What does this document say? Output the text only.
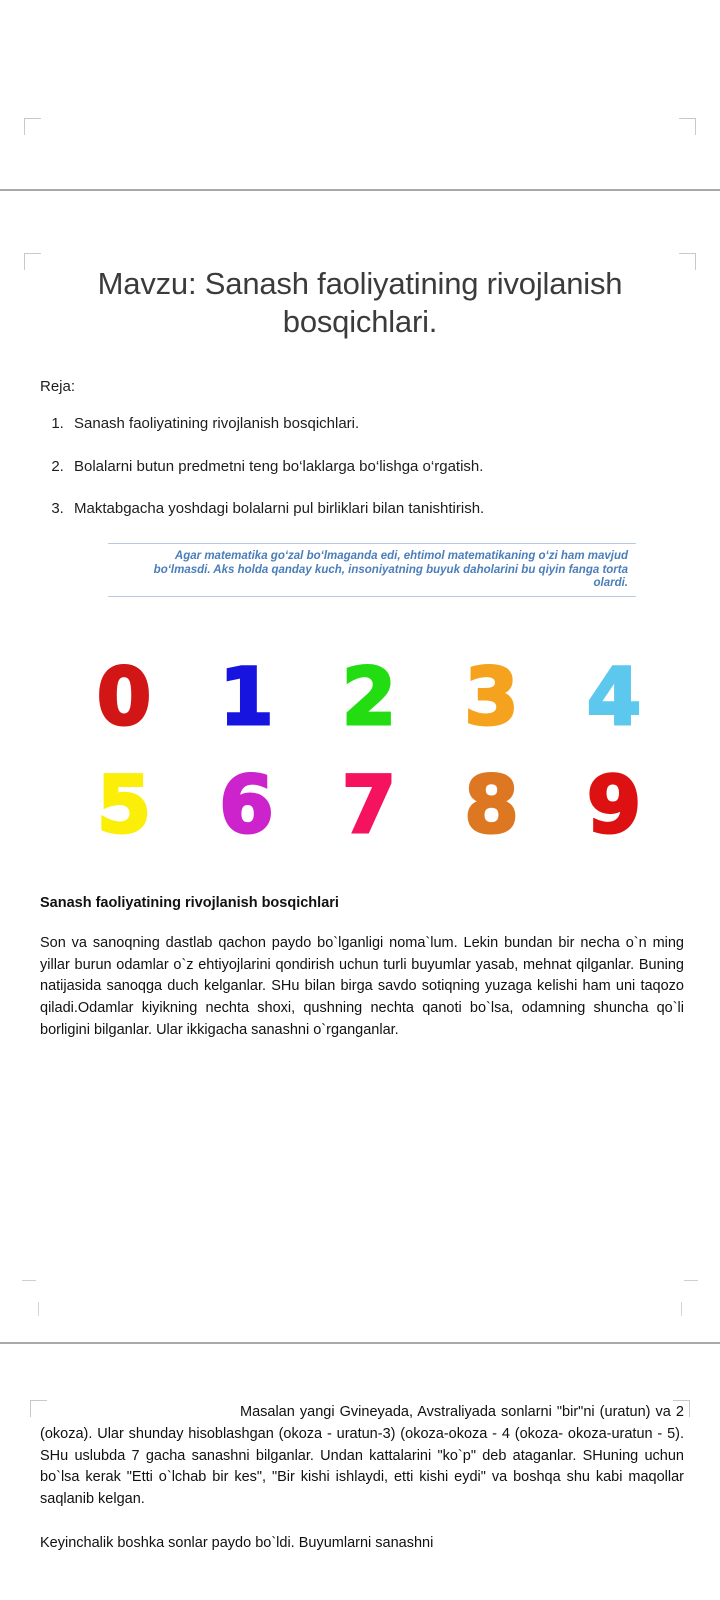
Mavzu: Sanash faoliyatining rivojlanish bosqichlari.

Reja:

1. Sanash faoliyatining rivojlanish bosqichlari.
2. Bolalarni butun predmetni teng bo‘laklarga bo‘lishga o‘rgatish.
3. Maktabgacha yoshdagi bolalarni pul birliklari bilan tanishtirish.

Agar matematika go‘zal bo‘lmaganda edi, ehtimol matematikaning o‘zi ham mavjud bo‘lmasdi. Aks holda qanday kuch, insoniyatning buyuk daholarini bu qiyin fanga torta olardi.

0 1 2 3 4
5 6 7 8 9
Sanash faoliyatining rivojlanish bosqichlari

Son va sanoqning dastlab qachon paydo bo`lganligi noma`lum. Lekin bundan bir necha o`n ming yillar burun odamlar o`z ehtiyojlarini qondirish uchun turli buyumlar yasab, mehnat qilganlar. Buning natijasida sanoqga duch kelganlar. SHu bilan birga savdo sotiqning yuzaga kelishi ham uni taqozo qiladi.Odamlar kiyikning nechta shoxi, qushning nechta qanoti bo`lsa, odamning shuncha qo`li borligini bilganlar. Ular ikkigacha sanashni o`rganganlar.

Masalan yangi Gvineyada, Avstraliyada sonlarni "bir"ni (uratun) va 2 (okoza). Ular shunday hisoblashgan (okoza - uratun-3) (okoza-okoza - 4 (okoza- okoza-uratun - 5). SHu uslubda 7 gacha sanashni bilganlar. Undan kattalarini "ko`p" deb ataganlar. SHuning uchun bo`lsa kerak "Etti o`lchab bir kes", "Bir kishi ishlaydi, etti kishi eydi" va boshqa shu kabi maqollar saqlanib kelgan.

Keyinchalik boshka sonlar paydo bo`ldi. Buyumlarni sanashni
